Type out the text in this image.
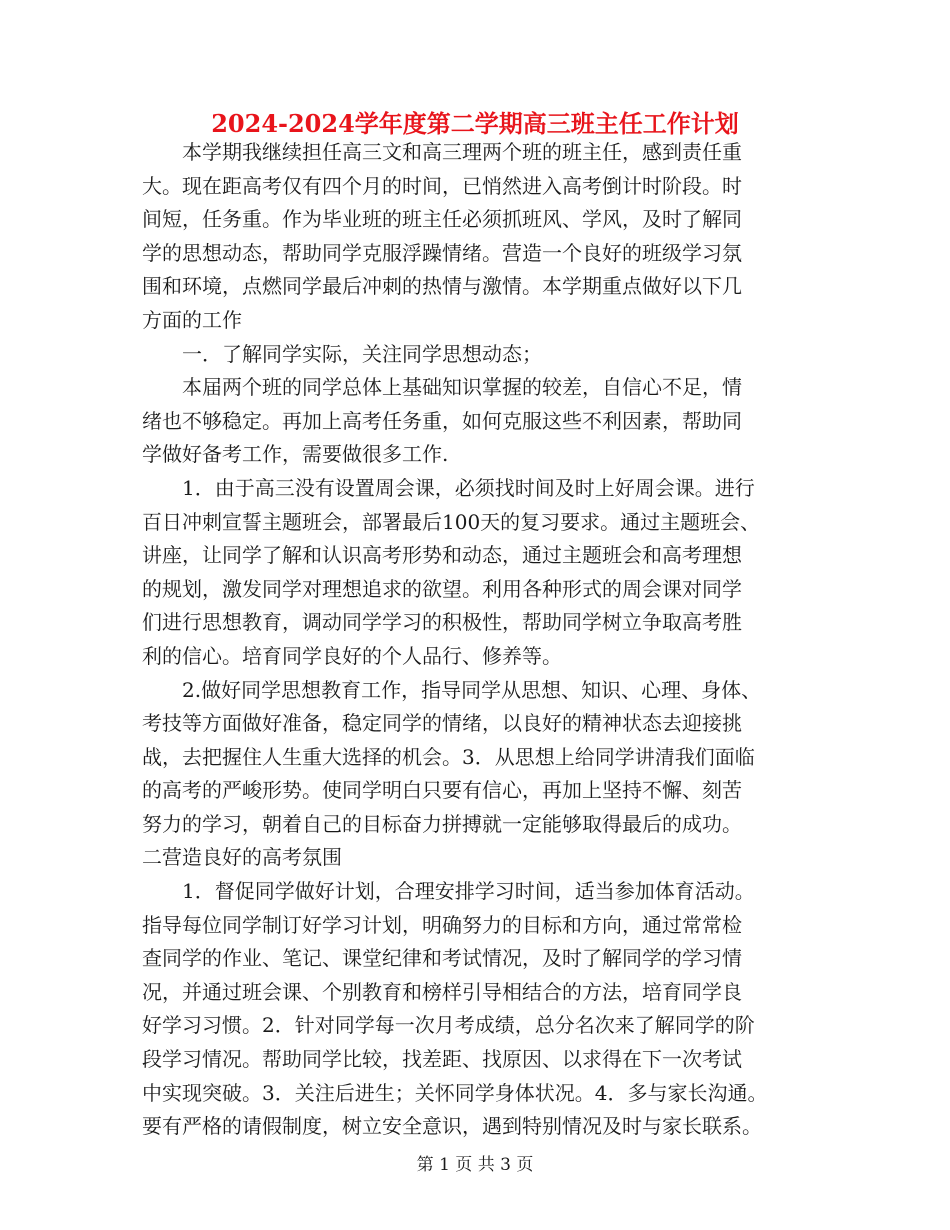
2024-2024学年度第二学期高三班主任工作计划
　　本学期我继续担任高三文和高三理两个班的班主任，感到责任重
大。现在距高考仅有四个月的时间，已悄然进入高考倒计时阶段。时
间短，任务重。作为毕业班的班主任必须抓班风、学风，及时了解同
学的思想动态，帮助同学克服浮躁情绪。营造一个良好的班级学习氛
围和环境，点燃同学最后冲刺的热情与激情。本学期重点做好以下几
方面的工作
　　一．了解同学实际，关注同学思想动态；
　　本届两个班的同学总体上基础知识掌握的较差，自信心不足，情
绪也不够稳定。再加上高考任务重，如何克服这些不利因素，帮助同
学做好备考工作，需要做很多工作.
　　1．由于高三没有设置周会课，必须找时间及时上好周会课。进行
百日冲刺宣誓主题班会，部署最后100天的复习要求。通过主题班会、
讲座，让同学了解和认识高考形势和动态，通过主题班会和高考理想
的规划，激发同学对理想追求的欲望。利用各种形式的周会课对同学
们进行思想教育，调动同学学习的积极性，帮助同学树立争取高考胜
利的信心。培育同学良好的个人品行、修养等。
　　2.做好同学思想教育工作，指导同学从思想、知识、心理、身体、
考技等方面做好准备，稳定同学的情绪，以良好的精神状态去迎接挑
战，去把握住人生重大选择的机会。3．从思想上给同学讲清我们面临
的高考的严峻形势。使同学明白只要有信心，再加上坚持不懈、刻苦
努力的学习，朝着自己的目标奋力拼搏就一定能够取得最后的成功。
二营造良好的高考氛围
　　1．督促同学做好计划，合理安排学习时间，适当参加体育活动。
指导每位同学制订好学习计划，明确努力的目标和方向，通过常常检
查同学的作业、笔记、课堂纪律和考试情况，及时了解同学的学习情
况，并通过班会课、个别教育和榜样引导相结合的方法，培育同学良
好学习习惯。2．针对同学每一次月考成绩，总分名次来了解同学的阶
段学习情况。帮助同学比较，找差距、找原因、以求得在下一次考试
中实现突破。3．关注后进生；关怀同学身体状况。4．多与家长沟通。
要有严格的请假制度，树立安全意识，遇到特别情况及时与家长联系。
第 1 页 共 3 页
